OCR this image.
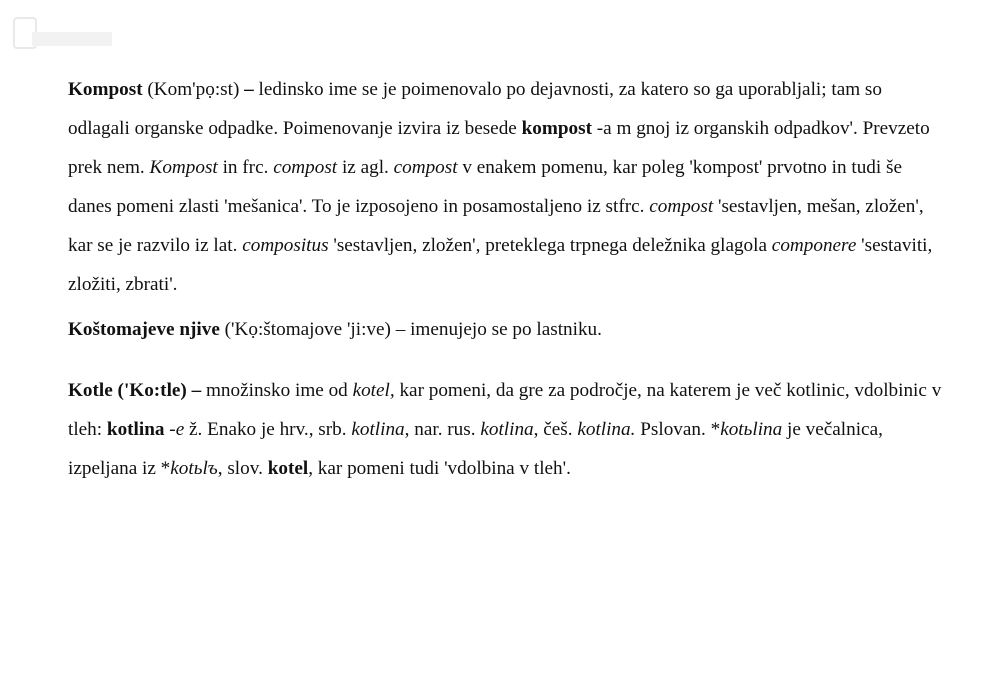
Kompost (Kom'pọ:st) – ledinsko ime se je poimenovalo po dejavnosti, za katero so ga uporabljali; tam so odlagali organske odpadke. Poimenovanje izvira iz besede kompost -a m gnoj iz organskih odpadkov'. Prevzeto prek nem. Kompost in frc. compost iz agl. compost v enakem pomenu, kar poleg 'kompost' prvotno in tudi še danes pomeni zlasti 'mešanica'. To je izposojeno in posamostaljeno iz stfrc. compost 'sestavljen, mešan, zložen', kar se je razvilo iz lat. compositus 'sestavljen, zložen', preteklega trpnega deležnika glagola componere 'sestaviti, zložiti, zbrati'.

Koštomajeve njive ('Kọ:štomajove 'ji:ve) – imenujejo se po lastniku.

Kotle ('Ko:tle) – množinsko ime od kotel, kar pomeni, da gre za področje, na katerem je več kotlinic, vdolbinic v tleh: kotlina -e ž. Enako je hrv., srb. kotlina, nar. rus. kotlina, češ. kotlina. Pslovan. *kotьlina je večalnica, izpeljana iz *kotьlъ, slov. kotel, kar pomeni tudi 'vdolbina v tleh'.
